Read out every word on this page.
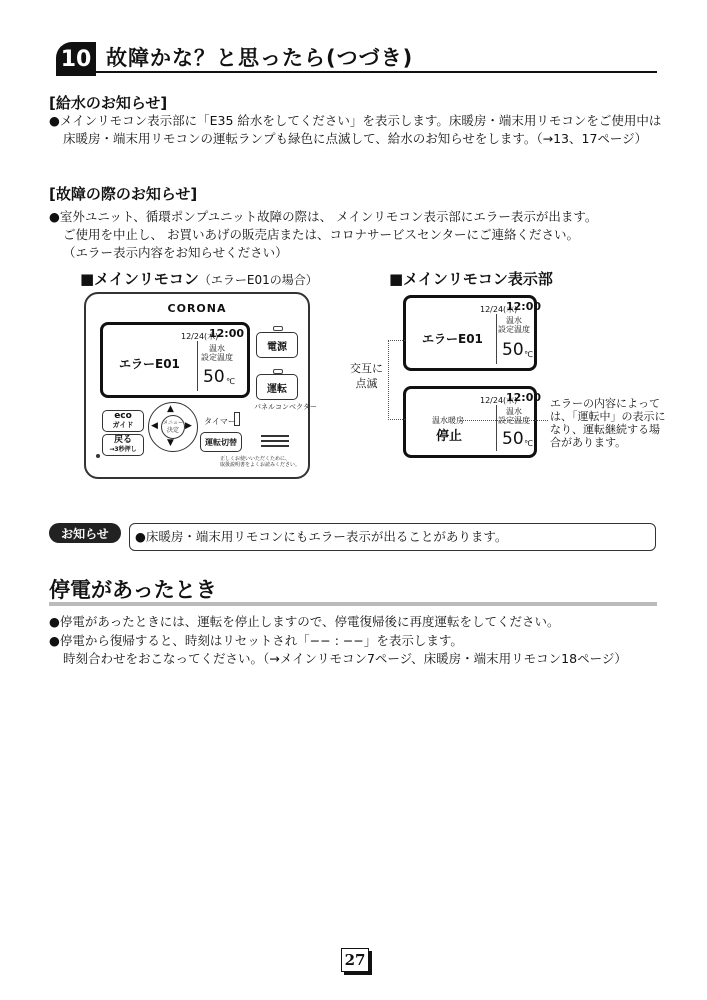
10 故障かな？と思ったら(つづき)
[給水のお知らせ]
●メインリモコン表示部に「E35 給水をしてください」を表示します。床暖房・端末用リモコンをご使用中は
床暖房・端末用リモコンの運転ランプも緑色に点滅して、給水のお知らせをします。（→13、17ページ）
[故障の際のお知らせ]
●室外ユニット、循環ポンプユニット故障の際は、 メインリモコン表示部にエラー表示が出ます。
ご使用を中止し、 お買いあげの販売店または、コロナサービスセンターにご連絡ください。
（エラー表示内容をお知らせください）
■メインリモコン（エラーE01の場合）
CORONA
12/24(木)
12:00
温水
設定温度
エラーE01
50 ℃
電源
運転
パネルコンベクター
eco
ガイド
戻る
→3秒押し
▲
▼
◀	▶
メニュー
決定
タイマー
運転切替
正しくお使いいただくために、
取扱説明書をよくお読みください。
■メインリモコン表示部
12/24(木)
12:00
温水
設定温度
エラーE01
50 ℃
12/24(木)
12:00
温水
設定温度
温水暖房
停止 50 ℃
交互に
点滅
エラーの内容によって
は、「運転中」の表示に
なり、運転継続する場
合があります。
お知らせ	●床暖房・端末用リモコンにもエラー表示が出ることがあります。
停電があったとき
●停電があったときには、運転を停止しますので、停電復帰後に再度運転をしてください。
●停電から復帰すると、時刻はリセットされ「−− : −−」を表示します。
時刻合わせをおこなってください。（→メインリモコン7ページ、床暖房・端末用リモコン18ページ）
27
